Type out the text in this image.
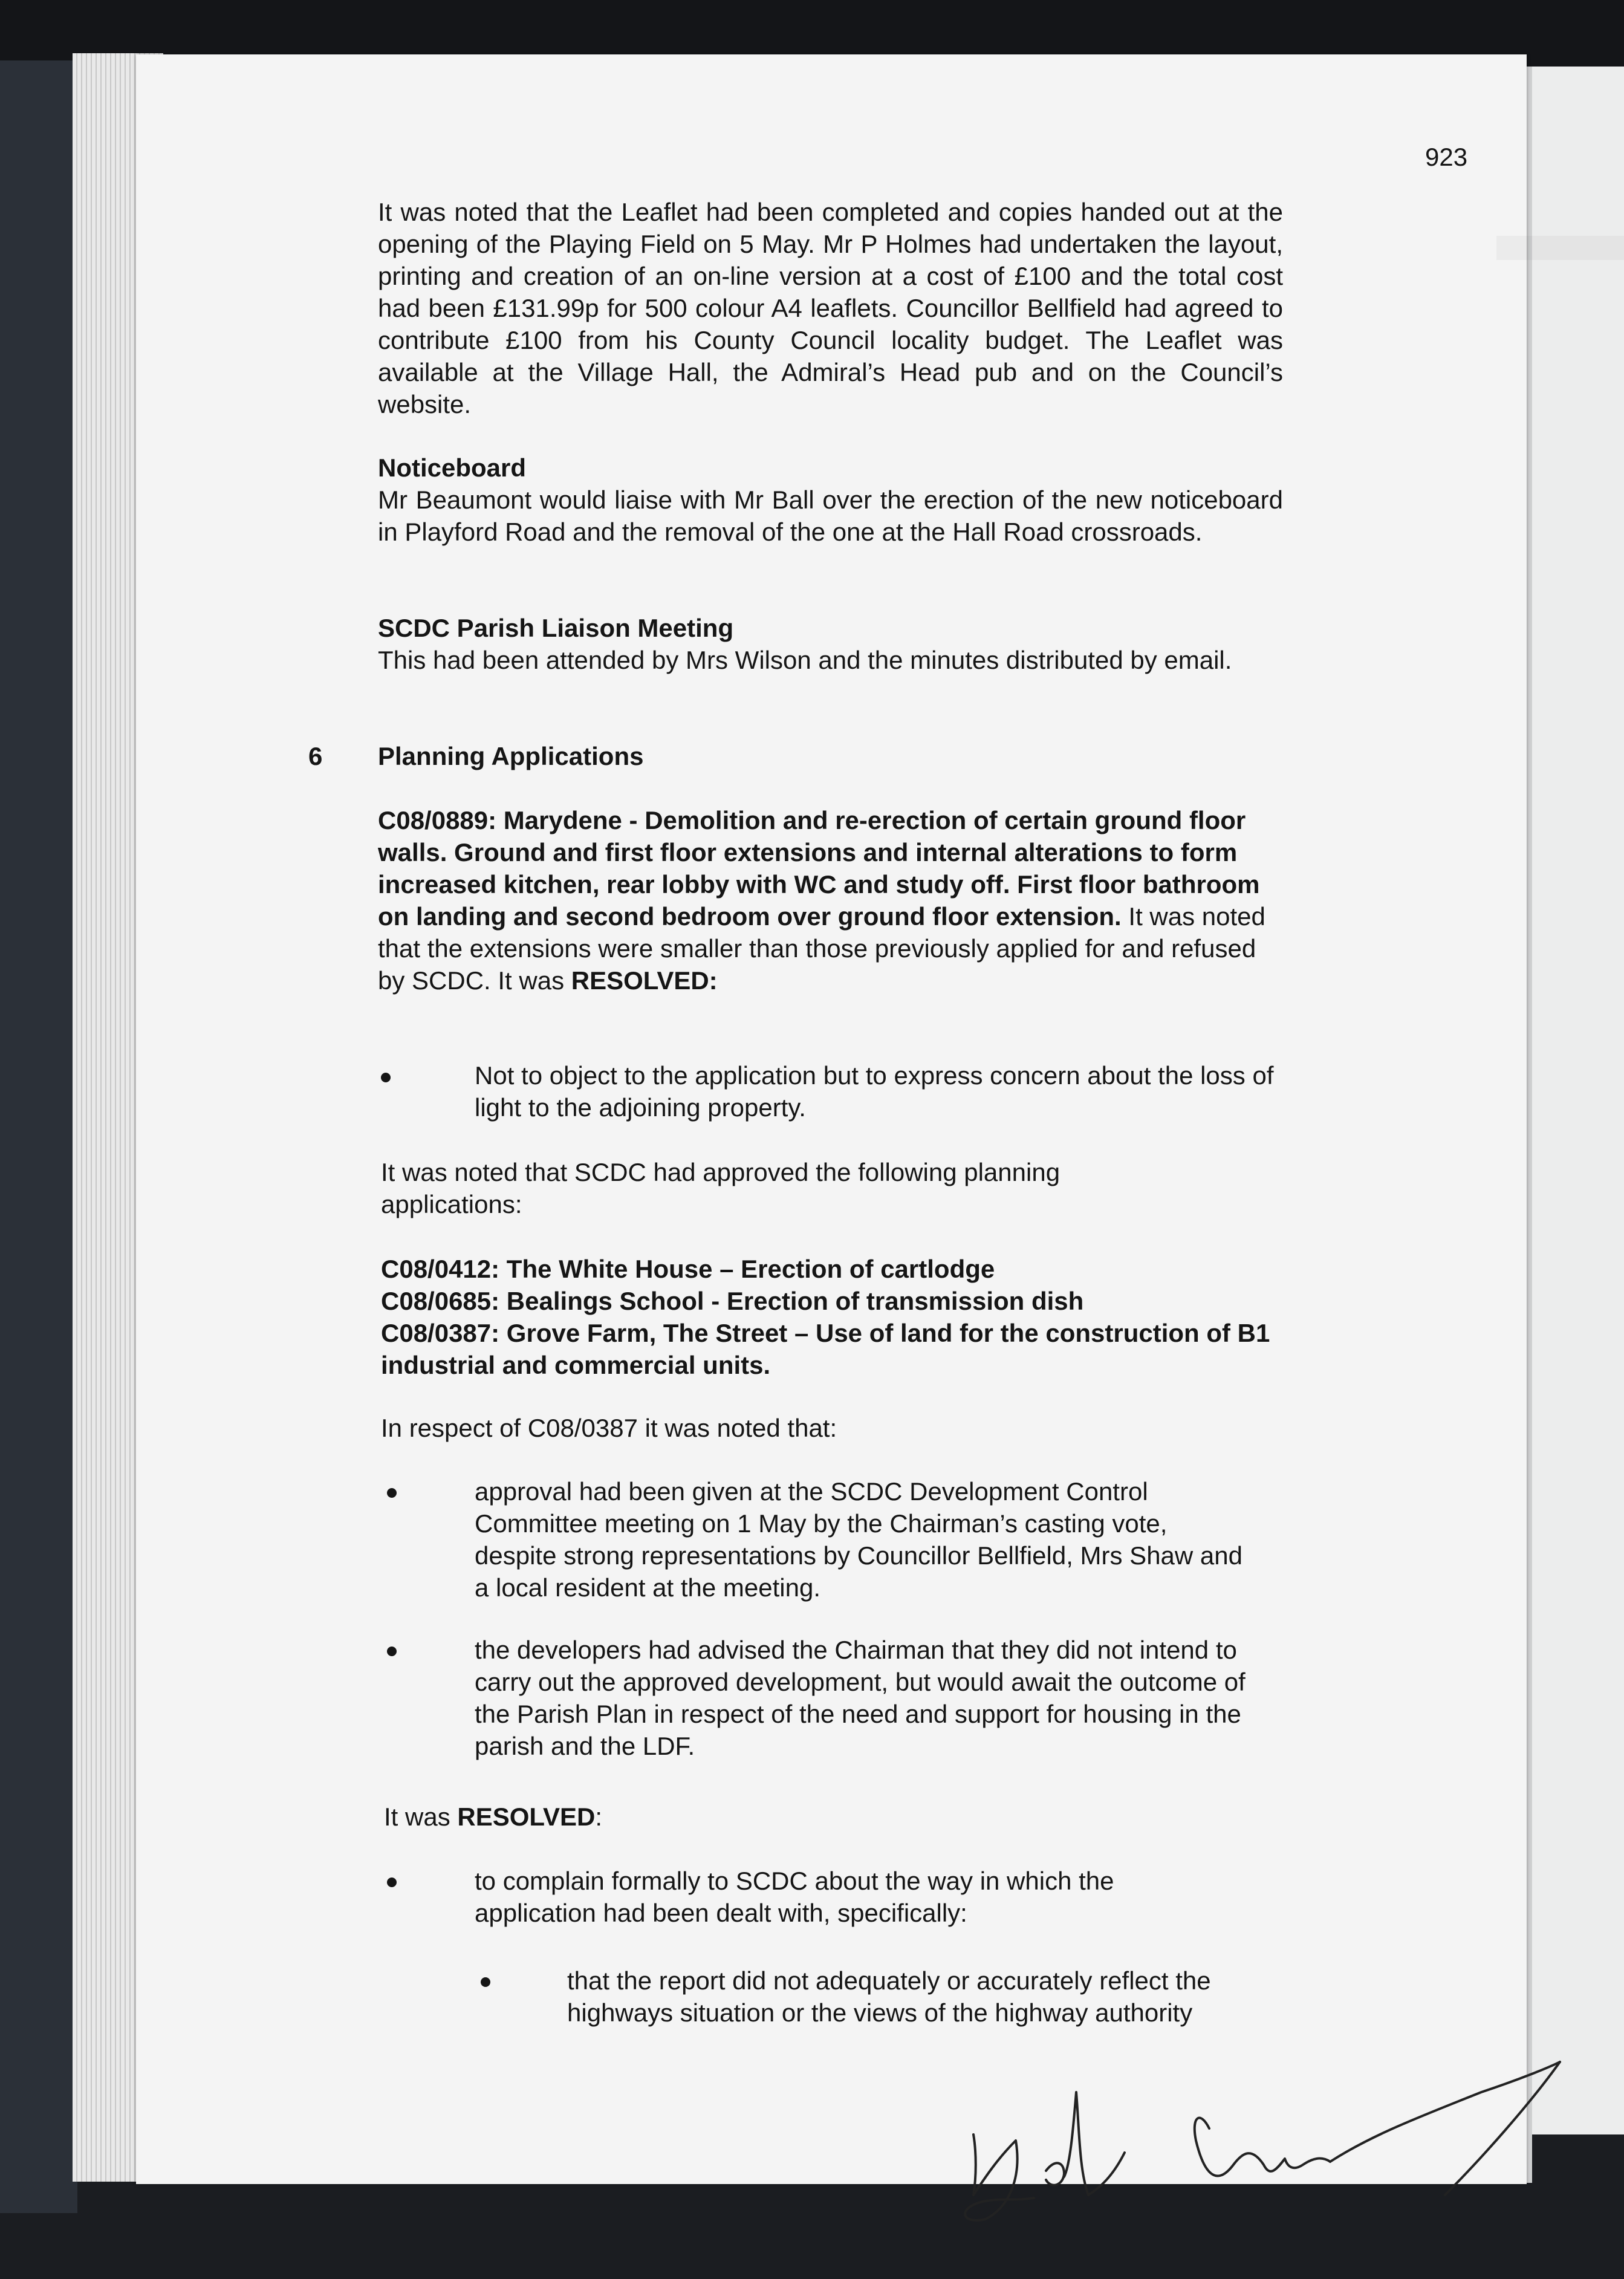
923
It was noted that the Leaflet had been completed and copies handed out at the opening of the Playing Field on 5 May. Mr P Holmes had undertaken the layout, printing and creation of an on-line version at a cost of £100 and the total cost had been £131.99p for 500 colour A4 leaflets. Councillor Bellfield had agreed to contribute £100 from his County Council locality budget. The Leaflet was available at the Village Hall, the Admiral’s Head pub and on the Council’s website.
Noticeboard
Mr Beaumont would liaise with Mr Ball over the erection of the new noticeboard in Playford Road and the removal of the one at the Hall Road crossroads.
SCDC Parish Liaison Meeting
This had been attended by Mrs Wilson and the minutes distributed by email.
6 Planning Applications
C08/0889: Marydene - Demolition and re-erection of certain ground floor walls. Ground and first floor extensions and internal alterations to form increased kitchen, rear lobby with WC and study off. First floor bathroom on landing and second bedroom over ground floor extension. It was noted that the extensions were smaller than those previously applied for and refused by SCDC. It was RESOLVED:
Not to object to the application but to express concern about the loss of light to the adjoining property.
It was noted that SCDC had approved the following planning applications:
C08/0412: The White House – Erection of cartlodge
C08/0685: Bealings School - Erection of transmission dish
C08/0387: Grove Farm, The Street – Use of land for the construction of B1 industrial and commercial units.
In respect of C08/0387 it was noted that:
approval had been given at the SCDC Development Control Committee meeting on 1 May by the Chairman’s casting vote, despite strong representations by Councillor Bellfield, Mrs Shaw and a local resident at the meeting.
the developers had advised the Chairman that they did not intend to carry out the approved development, but would await the outcome of the Parish Plan in respect of the need and support for housing in the parish and the LDF.
It was RESOLVED:
to complain formally to SCDC about the way in which the application had been dealt with, specifically:
that the report did not adequately or accurately reflect the highways situation or the views of the highway authority
